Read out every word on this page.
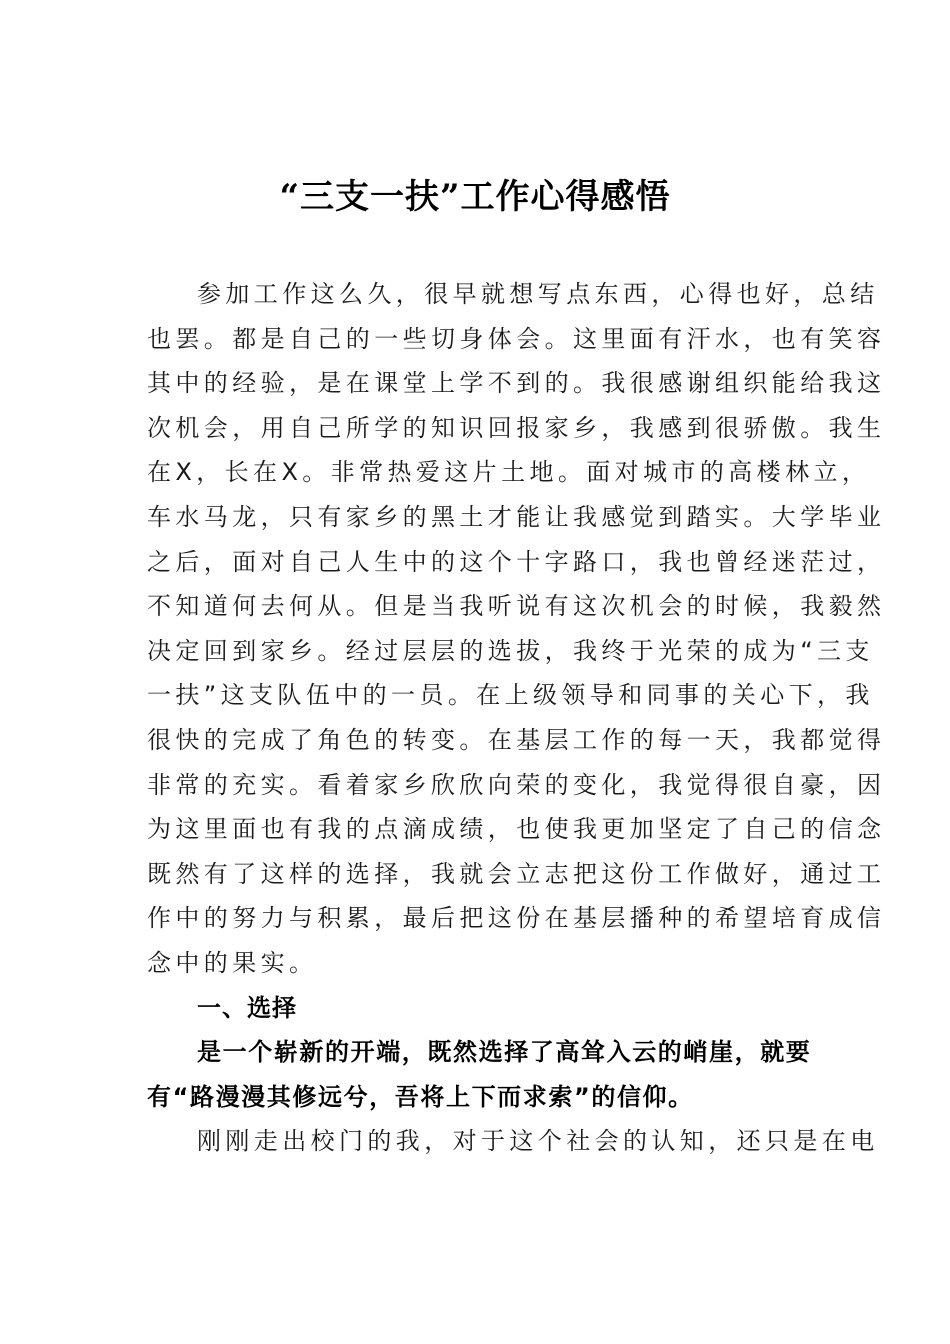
“三支一扶”工作心得感悟
参加工作这么久，很早就想写点东西，心得也好，总结
也罢。都是自己的一些切身体会。这里面有汗水，也有笑容
其中的经验，是在课堂上学不到的。我很感谢组织能给我这
次机会，用自己所学的知识回报家乡，我感到很骄傲。我生
在X，长在X。非常热爱这片土地。面对城市的高楼林立，
车水马龙，只有家乡的黑土才能让我感觉到踏实。大学毕业
之后，面对自己人生中的这个十字路口，我也曾经迷茫过，
不知道何去何从。但是当我听说有这次机会的时候，我毅然
决定回到家乡。经过层层的选拔，我终于光荣的成为“三支
一扶”这支队伍中的一员。在上级领导和同事的关心下，我
很快的完成了角色的转变。在基层工作的每一天，我都觉得
非常的充实。看着家乡欣欣向荣的变化，我觉得很自豪，因
为这里面也有我的点滴成绩，也使我更加坚定了自己的信念
既然有了这样的选择，我就会立志把这份工作做好，通过工
作中的努力与积累，最后把这份在基层播种的希望培育成信
念中的果实。
一、选择
是一个崭新的开端，既然选择了高耸入云的峭崖，就要
有“路漫漫其修远兮，吾将上下而求索”的信仰。
刚刚走出校门的我，对于这个社会的认知，还只是在电
